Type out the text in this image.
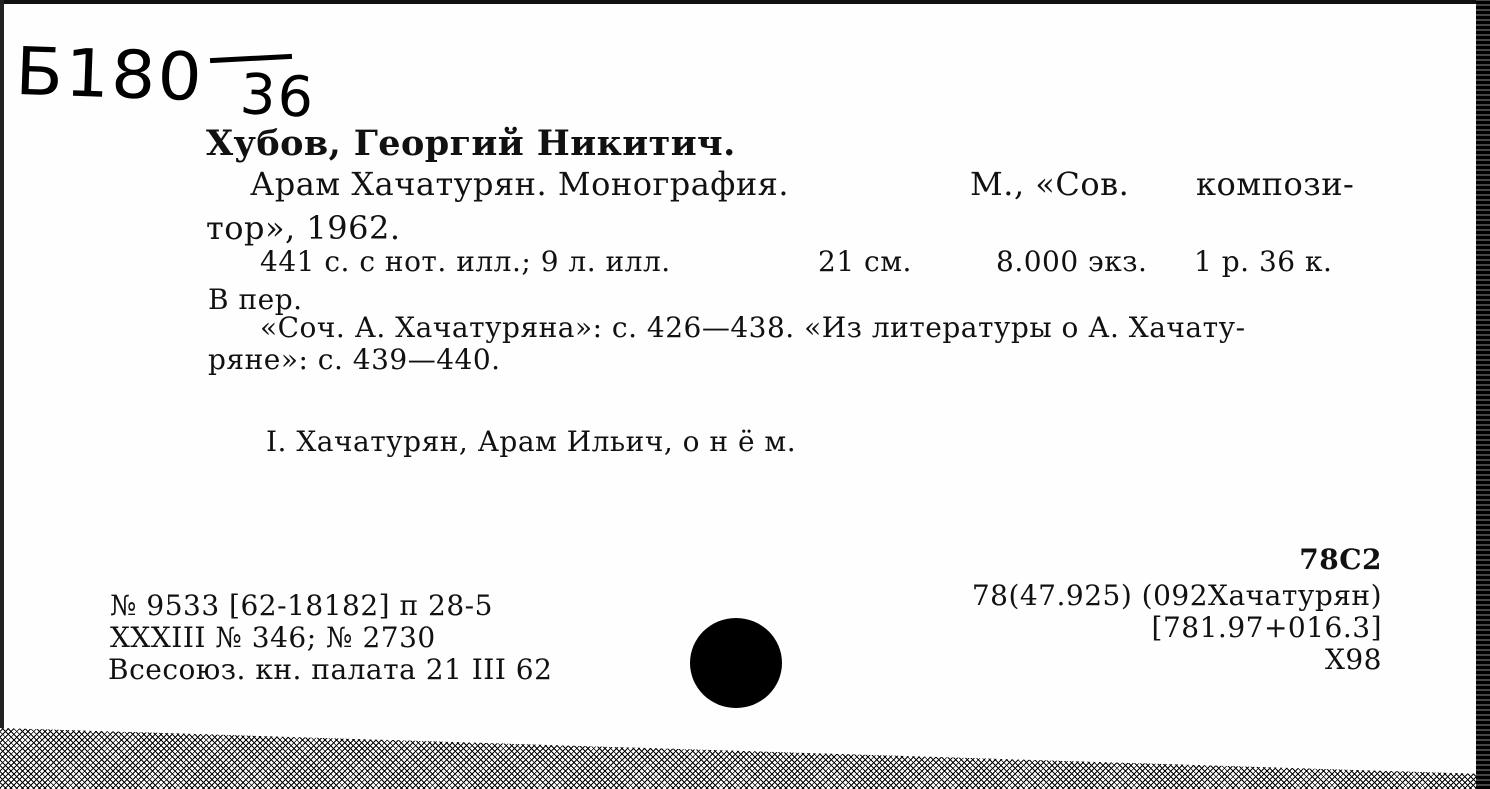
Б180 36
Хубов, Георгий Никитич.
Арам Хачатурян. Монография.	М., «Сов. компози-
тор», 1962.
441 с. с нот. илл.; 9 л. илл.	21 см.	8.000 экз. 1 р. 36 к.
В пер.
«Соч. А. Хачатуряна»: с. 426—438. «Из литературы о А. Хачату-
ряне»: с. 439—440.
I. Хачатурян, Арам Ильич, о н ё м.
№ 9533 [62-18182] п 28-5
XXXIII № 346; № 2730
Всесоюз. кн. палата 21 III 62
78С2
78(47.925) (092Хачатурян)
[781.97+016.3]
X98
